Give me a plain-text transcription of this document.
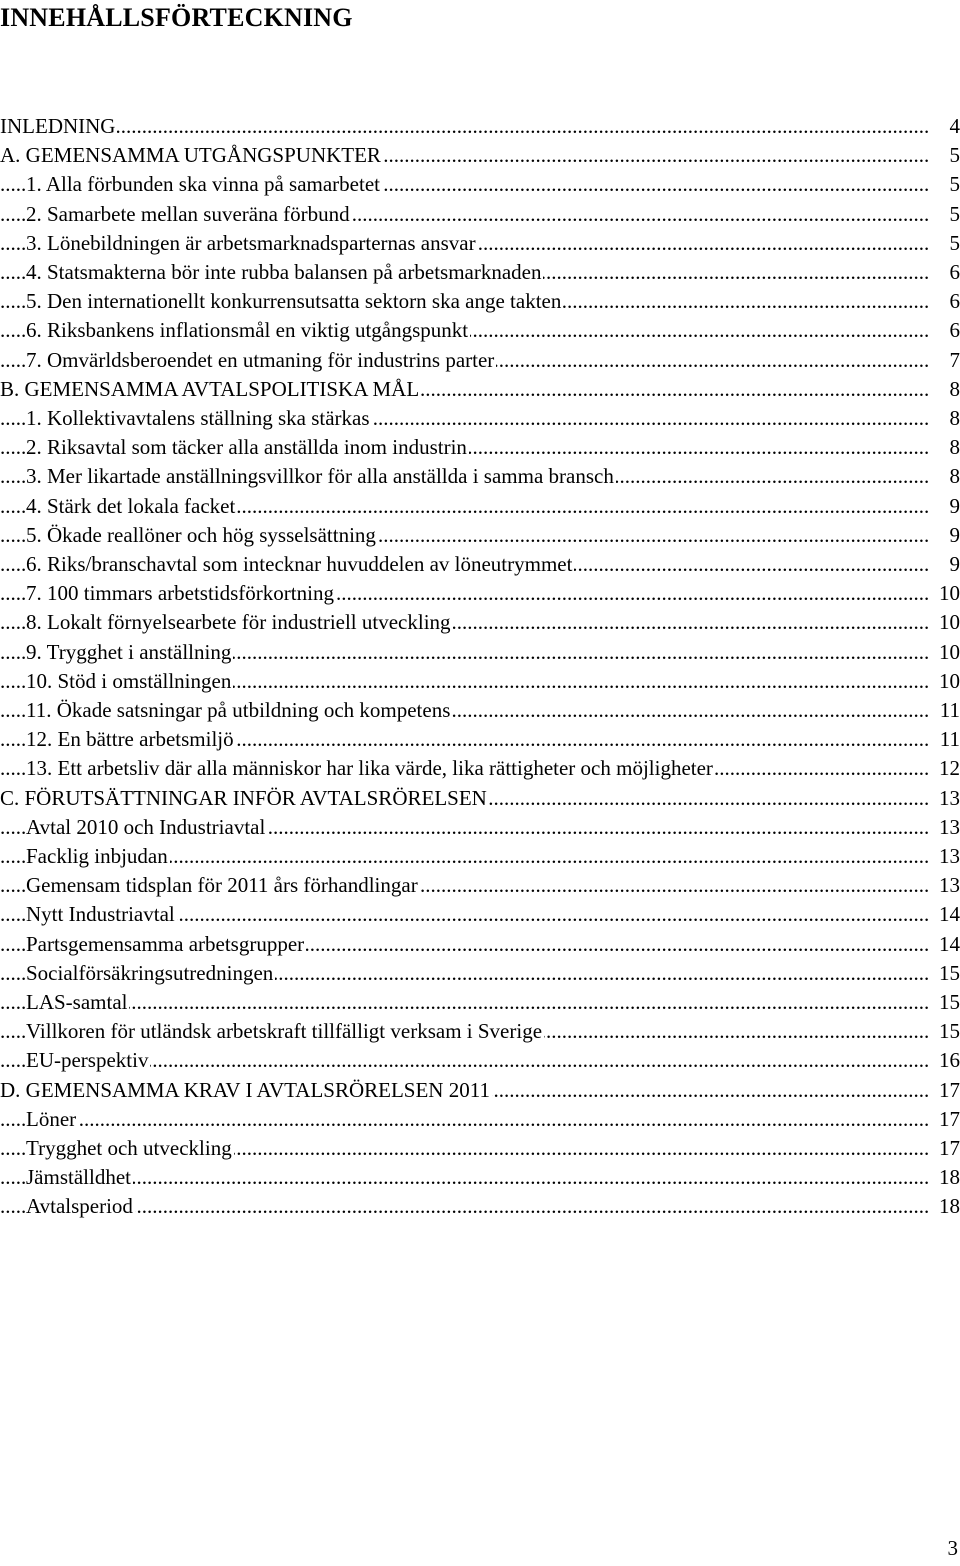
INNEHÅLLSFÖRTECKNING
.....
INLEDNING	4
.....
A. GEMENSAMMA UTGÅNGSPUNKTER	5
.....
1. Alla förbunden ska vinna på samarbetet	5
.....
2. Samarbete mellan suveräna förbund	5
.....
3. Lönebildningen är arbetsmarknadsparternas ansvar	5
.....
4. Statsmakterna bör inte rubba balansen på arbetsmarknaden	6
.....
5. Den internationellt konkurrensutsatta sektorn ska ange takten	6
.....
6. Riksbankens inflationsmål en viktig utgångspunkt	6
.....
7. Omvärldsberoendet en utmaning för industrins parter	7
.....
B. GEMENSAMMA AVTALSPOLITISKA MÅL	8
.....
1. Kollektivavtalens ställning ska stärkas	8
.....
2. Riksavtal som täcker alla anställda inom industrin	8
.....
3. Mer likartade anställningsvillkor för alla anställda i samma bransch	8
.....
4. Stärk det lokala facket	9
.....
5. Ökade reallöner och hög sysselsättning	9
.....
6. Riks/branschavtal som intecknar huvuddelen av löneutrymmet	9
.....
7. 100 timmars arbetstidsförkortning	10
.....
8. Lokalt förnyelsearbete för industriell utveckling	10
.....
9. Trygghet i anställning	10
.....
10. Stöd i omställningen	10
.....
11. Ökade satsningar på utbildning och kompetens	11
.....
12. En bättre arbetsmiljö	11
.....
13. Ett arbetsliv där alla människor har lika värde, lika rättigheter och möjligheter	12
.....
C. FÖRUTSÄTTNINGAR INFÖR AVTALSRÖRELSEN	13
.....
Avtal 2010 och Industriavtal	13
.....
Facklig inbjudan	13
.....
Gemensam tidsplan för 2011 års förhandlingar	13
.....
Nytt Industriavtal	14
.....
Partsgemensamma arbetsgrupper	14
.....
Socialförsäkringsutredningen	15
.....
LAS-samtal	15
.....
Villkoren för utländsk arbetskraft tillfälligt verksam i Sverige	15
.....
EU-perspektiv	16
.....
D. GEMENSAMMA KRAV I AVTALSRÖRELSEN 2011	17
.....
Löner	17
.....
Trygghet och utveckling	17
.....
Jämställdhet	18
.....
Avtalsperiod	18
3
